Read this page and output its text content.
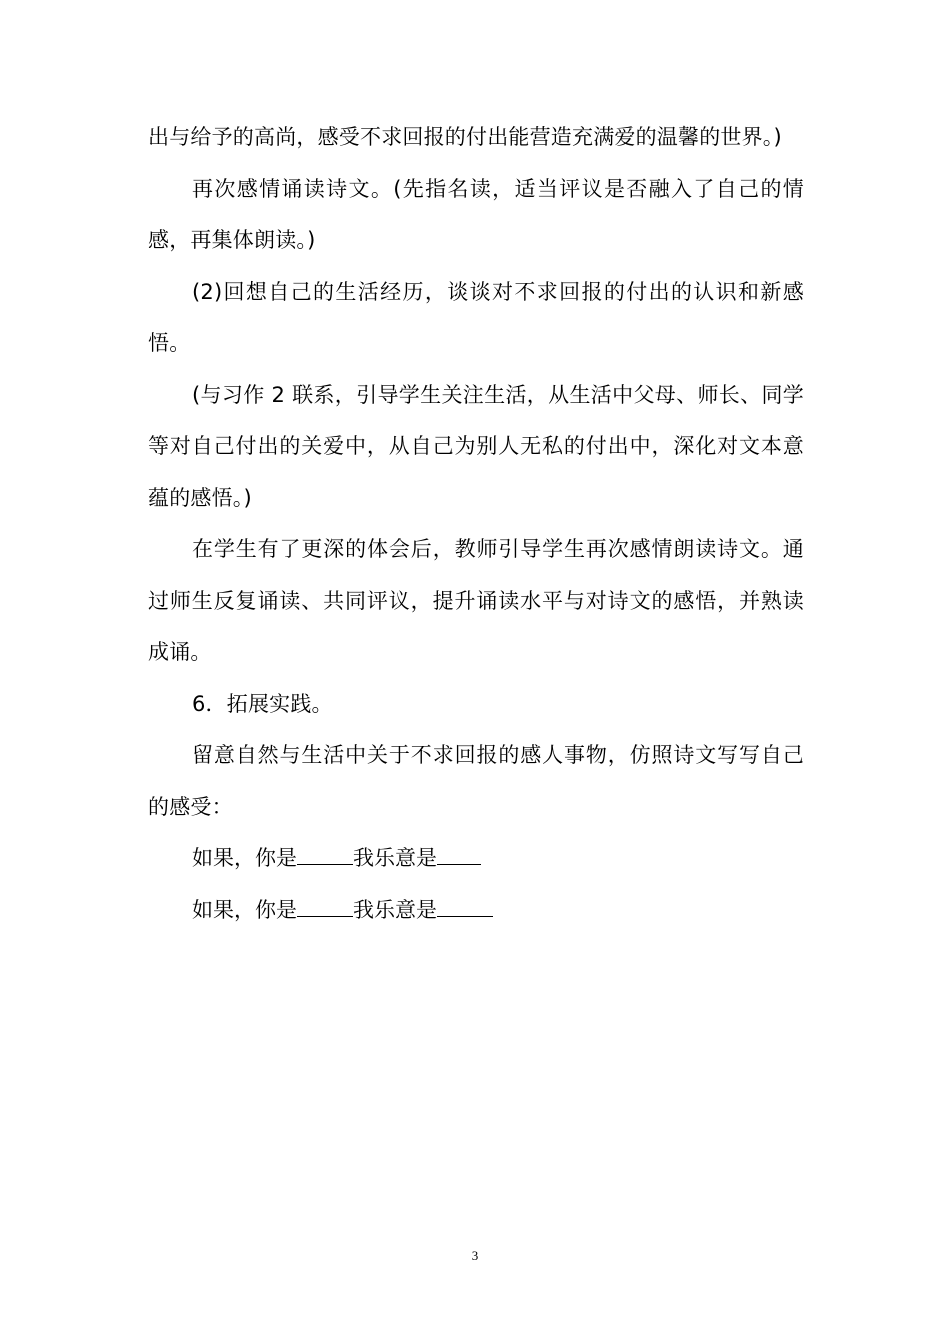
出与给予的高尚，感受不求回报的付出能营造充满爱的温馨的世界。)

再次感情诵读诗文。(先指名读，适当评议是否融入了自己的情感，再集体朗读。)

(2)回想自己的生活经历，谈谈对不求回报的付出的认识和新感悟。

(与习作 2 联系，引导学生关注生活，从生活中父母、师长、同学等对自己付出的关爱中，从自己为别人无私的付出中，深化对文本意蕴的感悟。)

在学生有了更深的体会后，教师引导学生再次感情朗读诗文。通过师生反复诵读、共同评议，提升诵读水平与对诗文的感悟，并熟读成诵。

6．拓展实践。

留意自然与生活中关于不求回报的感人事物，仿照诗文写写自己的感受：

如果，你是	我乐意是

如果，你是	我乐意是

3
